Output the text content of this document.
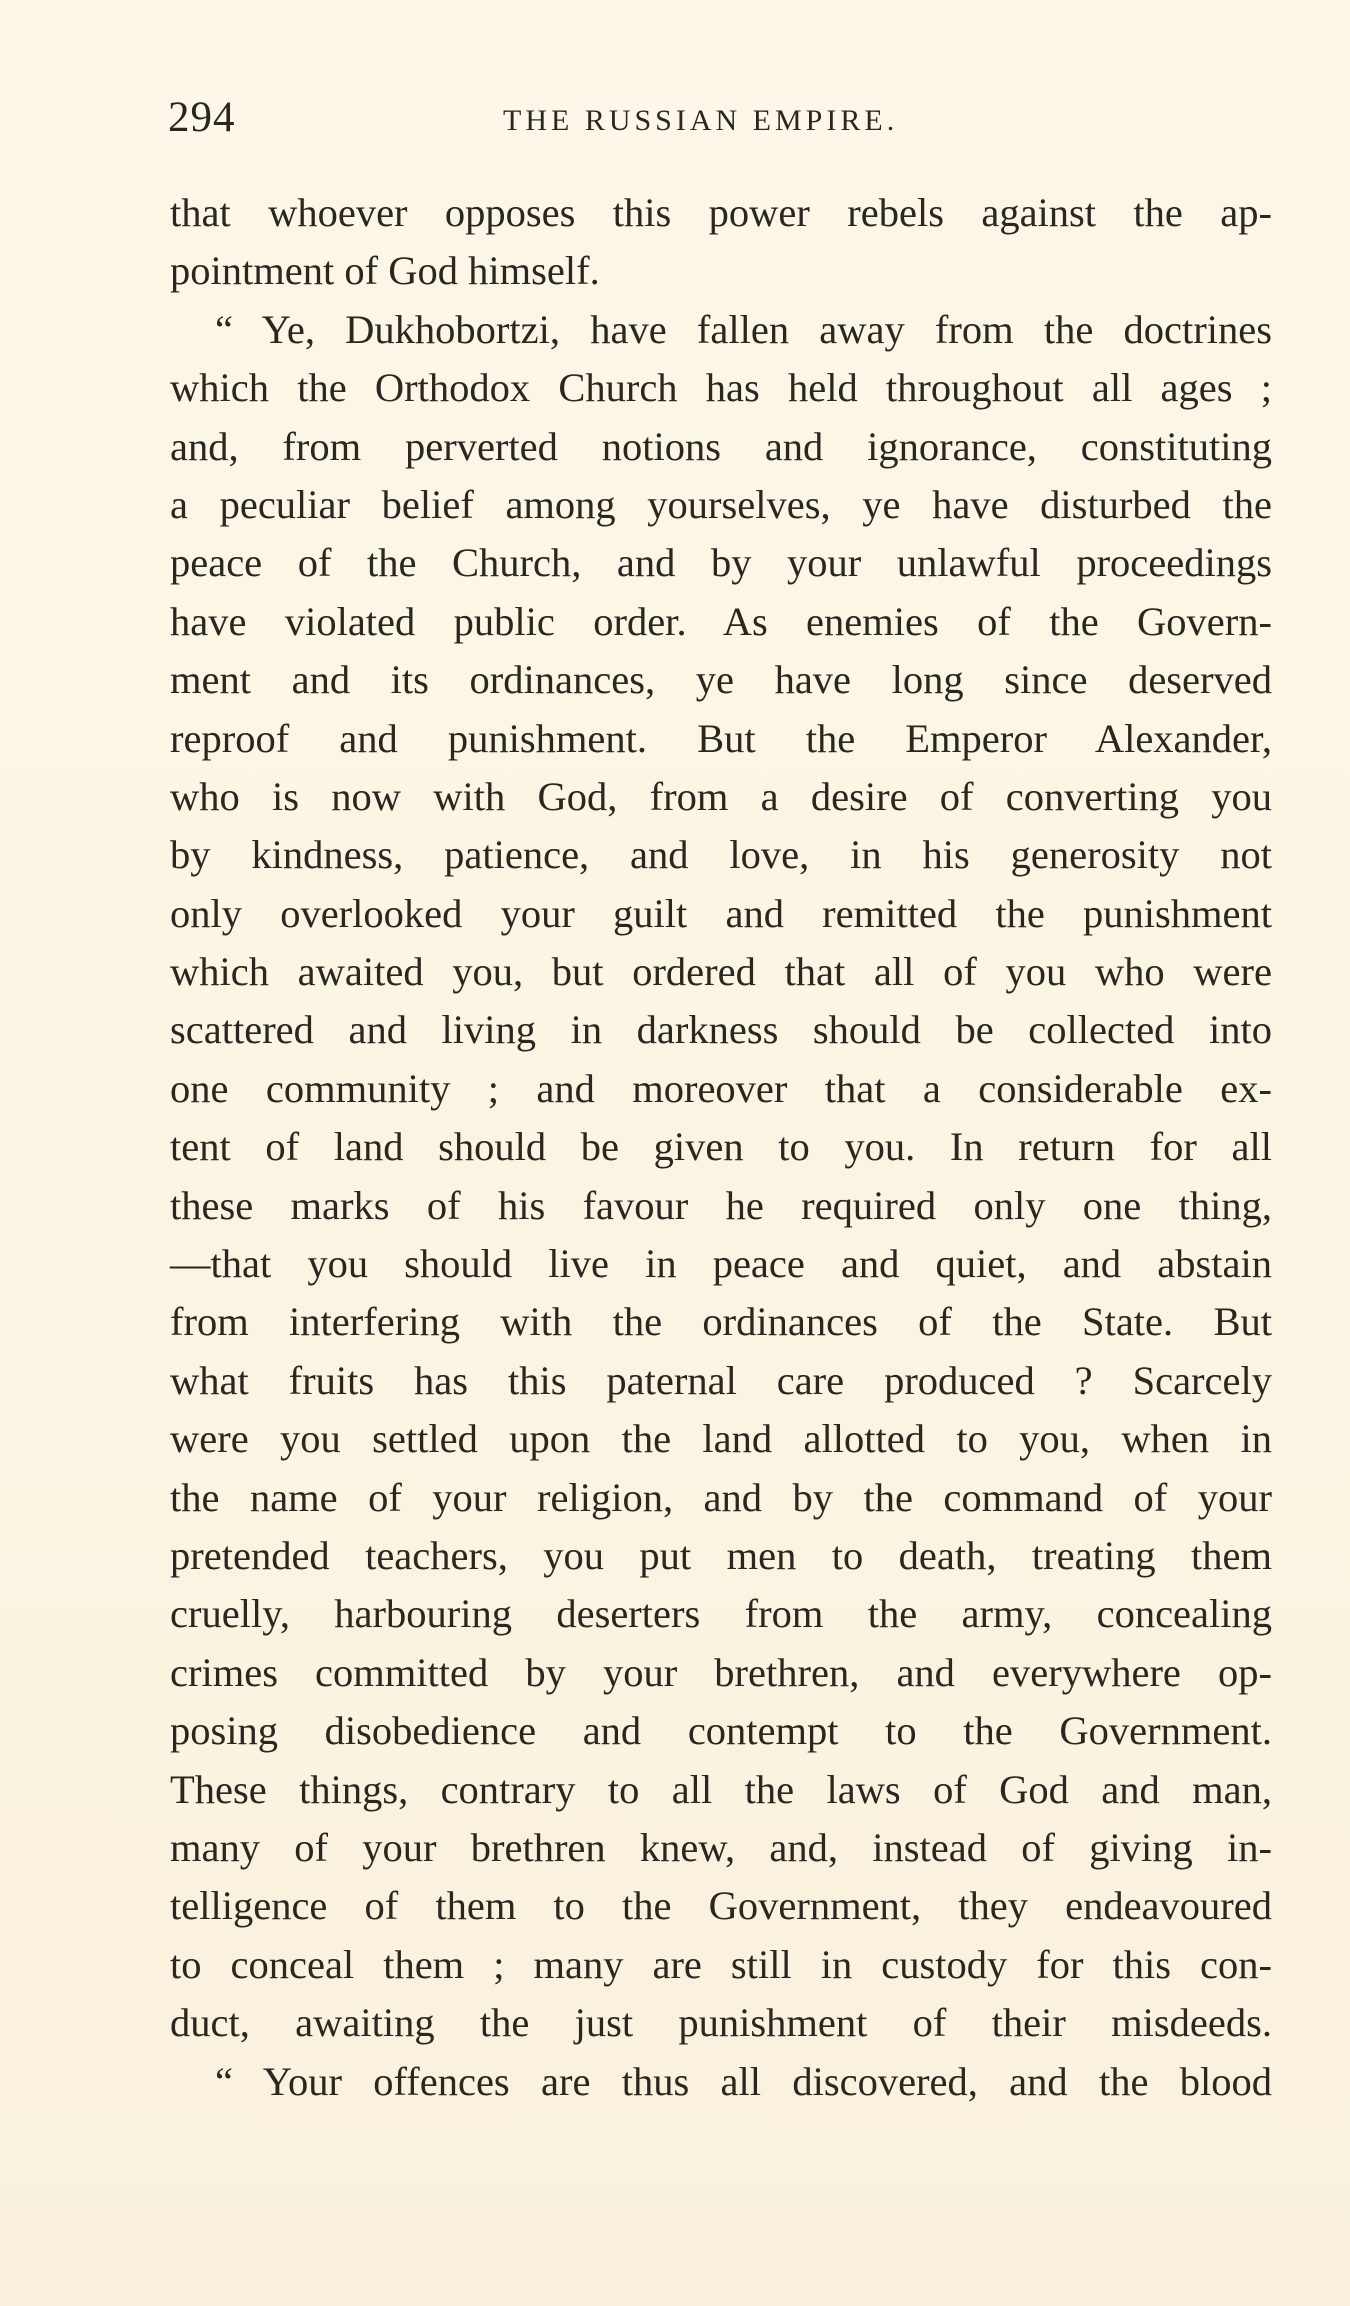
294	THE RUSSIAN EMPIRE.
that whoever opposes this power rebels against the ap-
pointment of God himself.
“ Ye, Dukhobortzi, have fallen away from the doctrines
which the Orthodox Church has held throughout all ages ;
and, from perverted notions and ignorance, constituting
a peculiar belief among yourselves, ye have disturbed the
peace of the Church, and by your unlawful proceedings
have violated public order. As enemies of the Govern-
ment and its ordinances, ye have long since deserved
reproof and punishment. But the Emperor Alexander,
who is now with God, from a desire of converting you
by kindness, patience, and love, in his generosity not
only overlooked your guilt and remitted the punishment
which awaited you, but ordered that all of you who were
scattered and living in darkness should be collected into
one community ; and moreover that a considerable ex-
tent of land should be given to you. In return for all
these marks of his favour he required only one thing,
—that you should live in peace and quiet, and abstain
from interfering with the ordinances of the State. But
what fruits has this paternal care produced ? Scarcely
were you settled upon the land allotted to you, when in
the name of your religion, and by the command of your
pretended teachers, you put men to death, treating them
cruelly, harbouring deserters from the army, concealing
crimes committed by your brethren, and everywhere op-
posing disobedience and contempt to the Government.
These things, contrary to all the laws of God and man,
many of your brethren knew, and, instead of giving in-
telligence of them to the Government, they endeavoured
to conceal them ; many are still in custody for this con-
duct, awaiting the just punishment of their misdeeds.
“ Your offences are thus all discovered, and the blood
